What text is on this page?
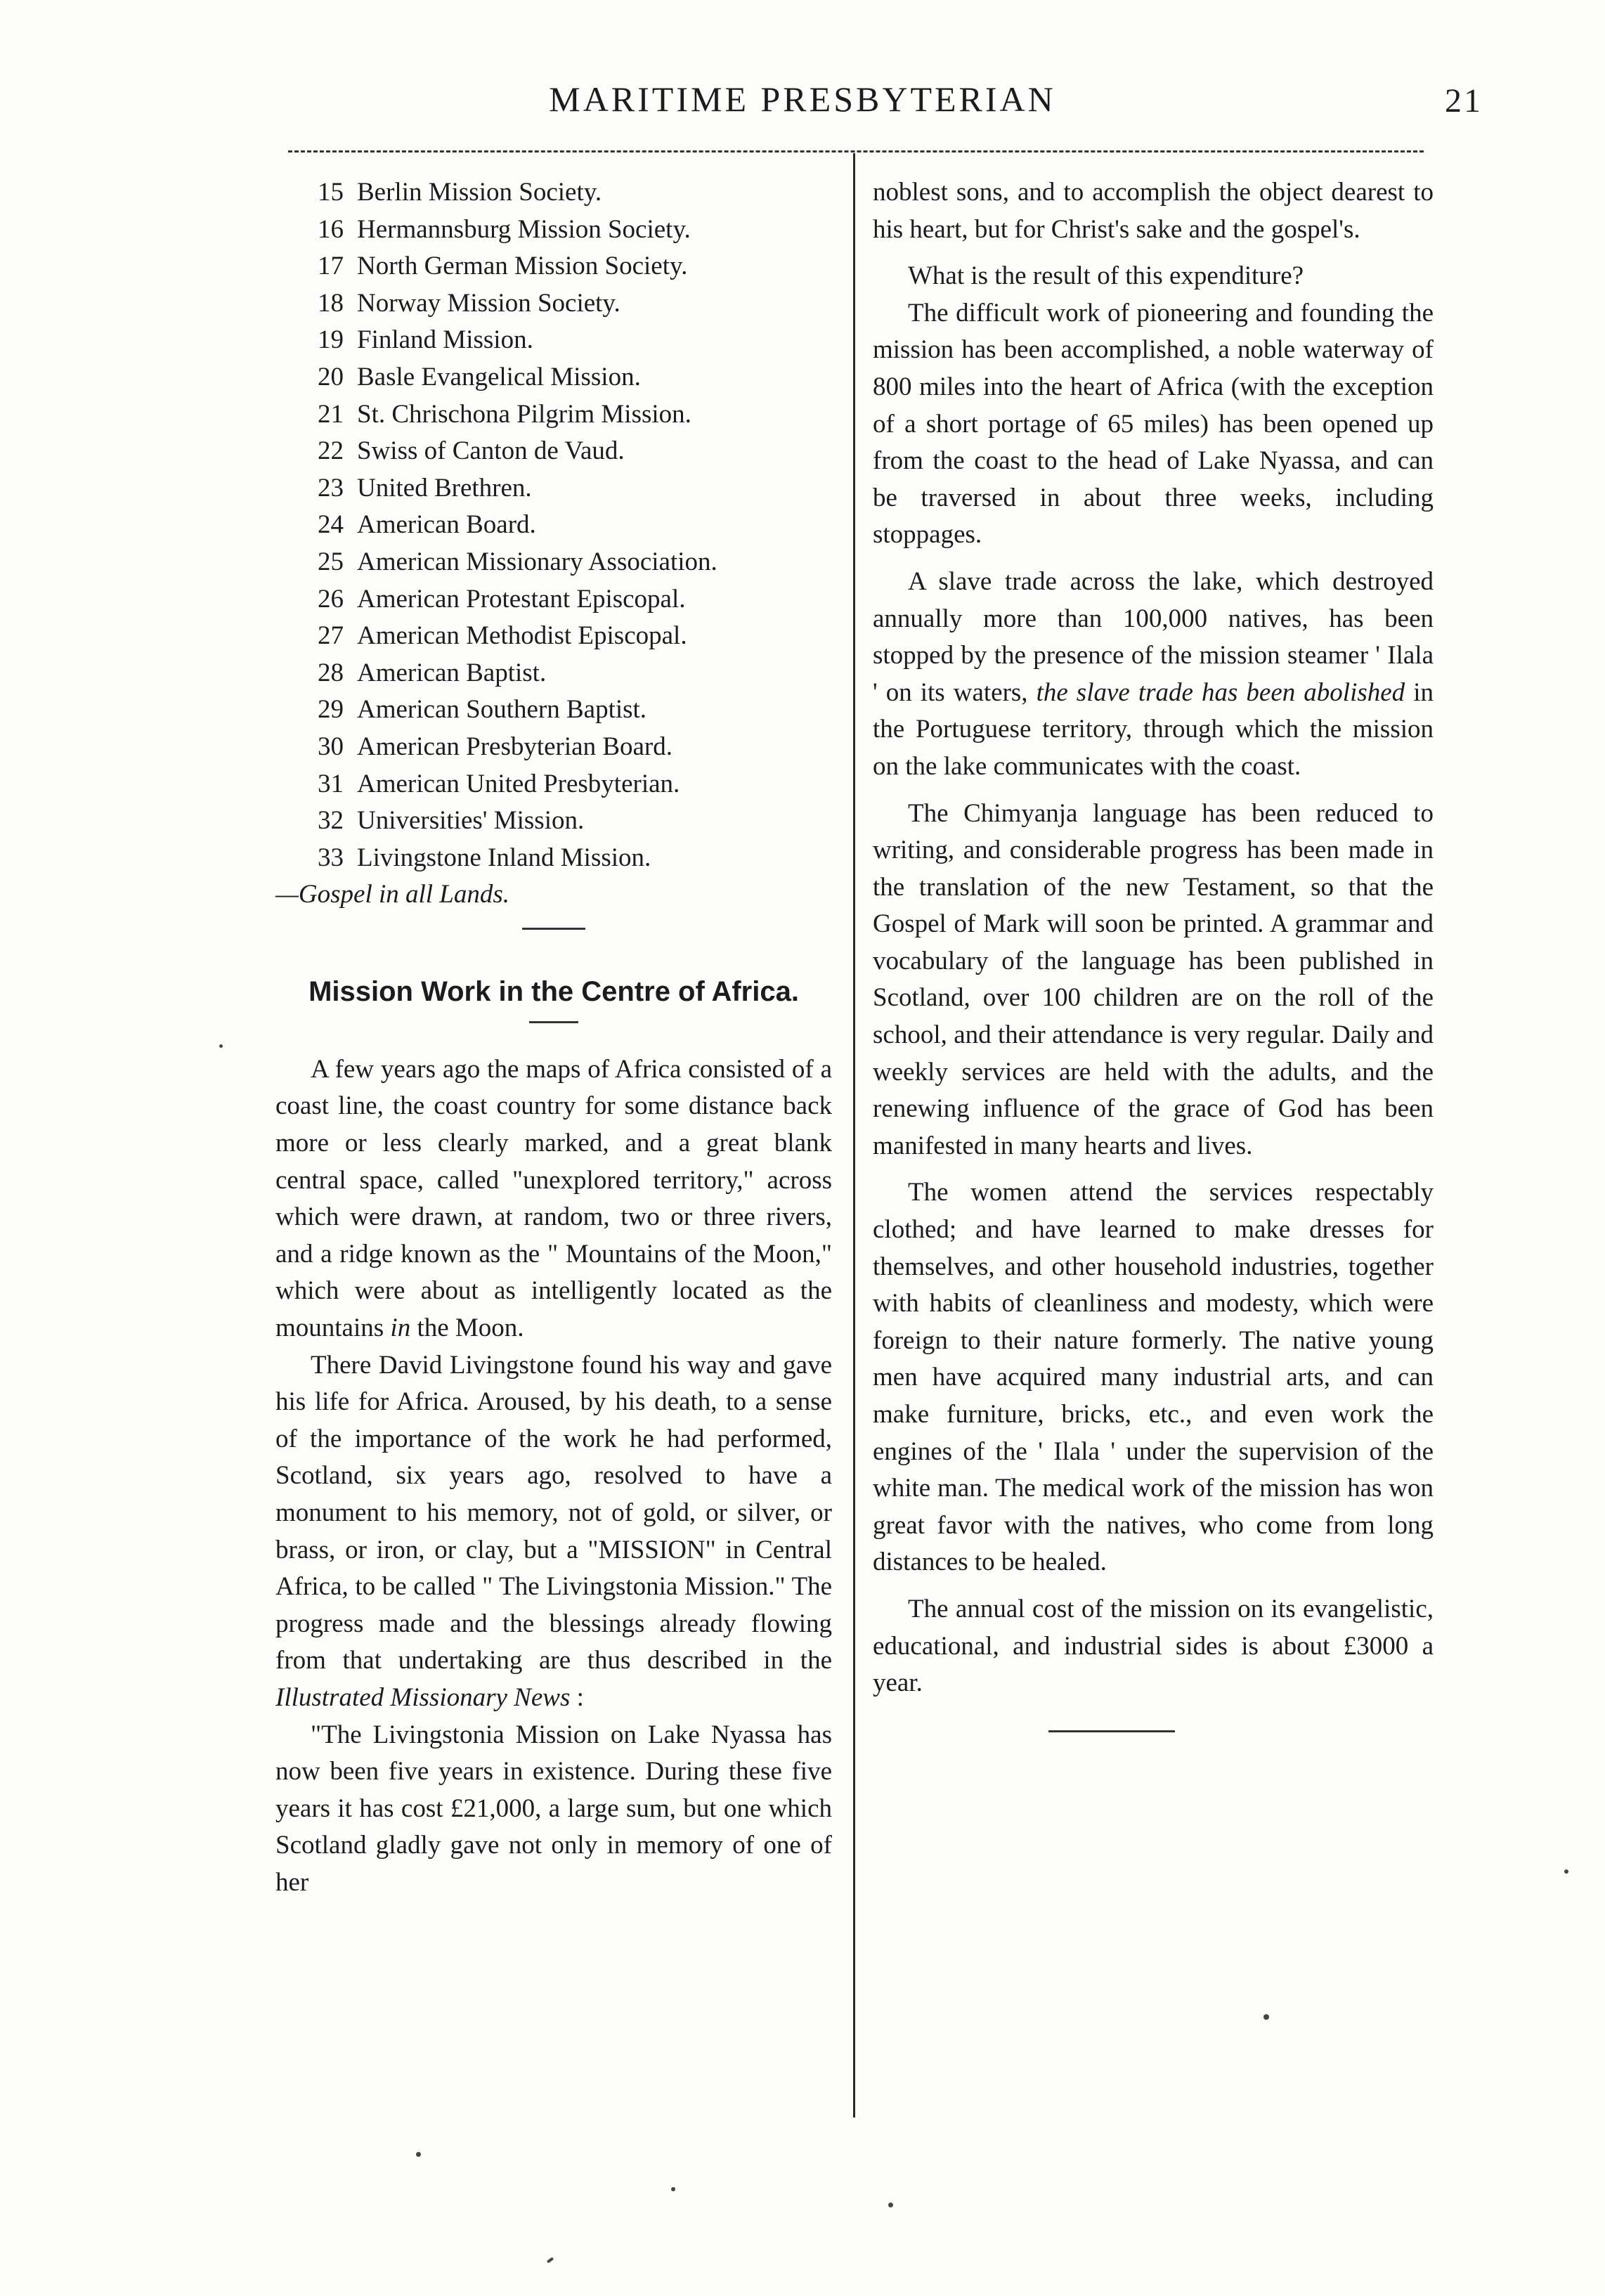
MARITIME PRESBYTERIAN	21
15 Berlin Mission Society.
16 Hermannsburg Mission Society.
17 North German Mission Society.
18 Norway Mission Society.
19 Finland Mission.
20 Basle Evangelical Mission.
21 St. Chrischona Pilgrim Mission.
22 Swiss of Canton de Vaud.
23 United Brethren.
24 American Board.
25 American Missionary Association.
26 American Protestant Episcopal.
27 American Methodist Episcopal.
28 American Baptist.
29 American Southern Baptist.
30 American Presbyterian Board.
31 American United Presbyterian.
32 Universities' Mission.
33 Livingstone Inland Mission.

—Gospel in all Lands.

Mission Work in the Centre of Africa.

A few years ago the maps of Africa consisted of a coast line, the coast country for some distance back more or less clearly marked, and a great blank central space, called "unexplored territory," across which were drawn, at random, two or three rivers, and a ridge known as the " Mountains of the Moon," which were about as intelligently located as the mountains in the Moon.

There David Livingstone found his way and gave his life for Africa. Aroused, by his death, to a sense of the importance of the work he had performed, Scotland, six years ago, resolved to have a monument to his memory, not of gold, or silver, or brass, or iron, or clay, but a "MISSION" in Central Africa, to be called " The Livingstonia Mission." The progress made and the blessings already flowing from that undertaking are thus described in the Illustrated Missionary News :

"The Livingstonia Mission on Lake Nyassa has now been five years in existence. During these five years it has cost £21,000, a large sum, but one which Scotland gladly gave not only in memory of one of her

noblest sons, and to accomplish the object dearest to his heart, but for Christ's sake and the gospel's.

What is the result of this expenditure?

The difficult work of pioneering and founding the mission has been accomplished, a noble waterway of 800 miles into the heart of Africa (with the exception of a short portage of 65 miles) has been opened up from the coast to the head of Lake Nyassa, and can be traversed in about three weeks, including stoppages.

A slave trade across the lake, which destroyed annually more than 100,000 natives, has been stopped by the presence of the mission steamer ' Ilala ' on its waters, the slave trade has been abolished in the Portuguese territory, through which the mission on the lake communicates with the coast.

The Chimyanja language has been reduced to writing, and considerable progress has been made in the translation of the new Testament, so that the Gospel of Mark will soon be printed. A grammar and vocabulary of the language has been published in Scotland, over 100 children are on the roll of the school, and their attendance is very regular. Daily and weekly services are held with the adults, and the renewing influence of the grace of God has been manifested in many hearts and lives.

The women attend the services respectably clothed; and have learned to make dresses for themselves, and other household industries, together with habits of cleanliness and modesty, which were foreign to their nature formerly. The native young men have acquired many industrial arts, and can make furniture, bricks, etc., and even work the engines of the ' Ilala ' under the supervision of the white man. The medical work of the mission has won great favor with the natives, who come from long distances to be healed.

The annual cost of the mission on its evangelistic, educational, and industrial sides is about £3000 a year.
